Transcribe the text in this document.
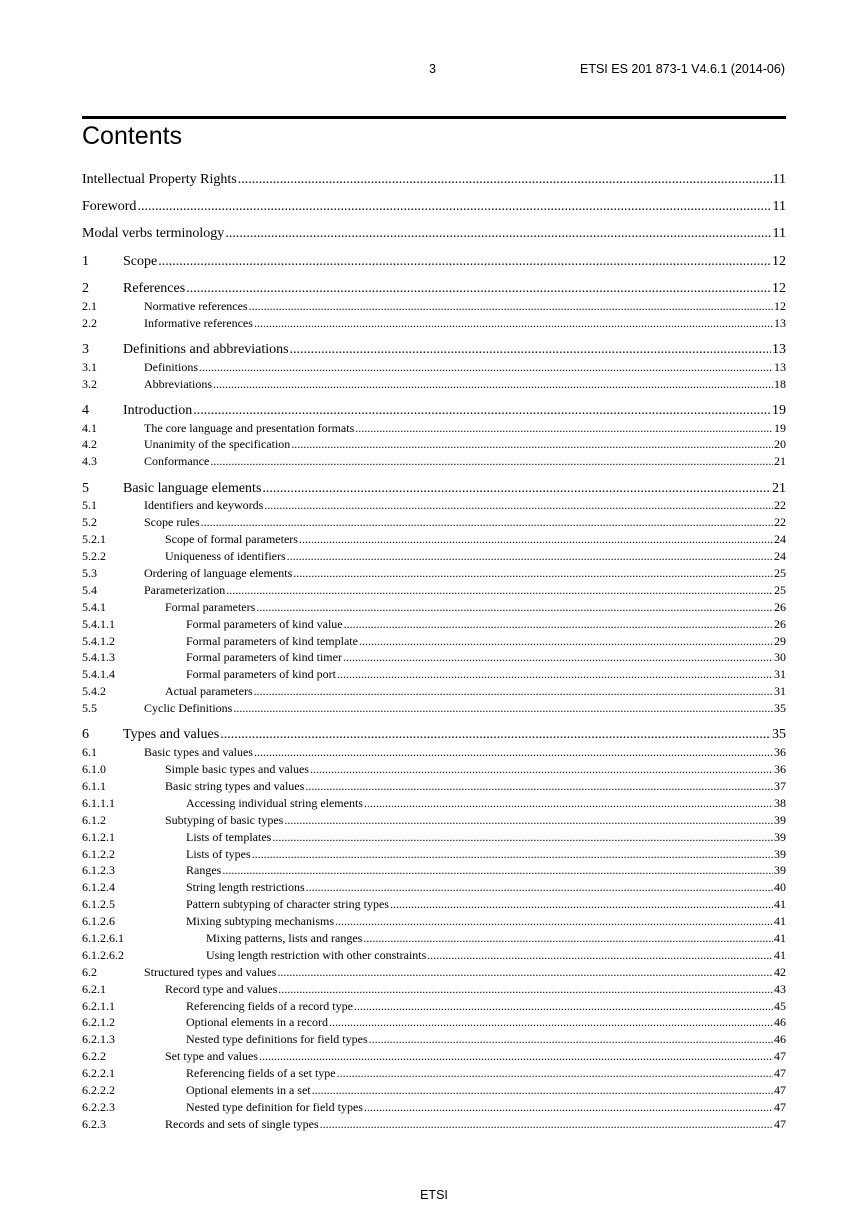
3	ETSI ES 201 873-1 V4.6.1 (2014-06)
Contents
Intellectual Property Rights .....	11
Foreword .....	11
Modal verbs terminology .....	11
1	Scope .....	12
2	References .....	12
2.1	Normative references .....	12
2.2	Informative references .....	13
3	Definitions and abbreviations .....	13
3.1	Definitions .....	13
3.2	Abbreviations .....	18
4	Introduction .....	19
4.1	The core language and presentation formats .....	19
4.2	Unanimity of the specification .....	20
4.3	Conformance .....	21
5	Basic language elements .....	21
5.1	Identifiers and keywords .....	22
5.2	Scope rules .....	22
5.2.1	Scope of formal parameters .....	24
5.2.2	Uniqueness of identifiers .....	24
5.3	Ordering of language elements .....	25
5.4	Parameterization .....	25
5.4.1	Formal parameters .....	26
5.4.1.1	Formal parameters of kind value .....	26
5.4.1.2	Formal parameters of kind template .....	29
5.4.1.3	Formal parameters of kind timer .....	30
5.4.1.4	Formal parameters of kind port .....	31
5.4.2	Actual parameters .....	31
5.5	Cyclic Definitions .....	35
6	Types and values .....	35
6.1	Basic types and values .....	36
6.1.0	Simple basic types and values .....	36
6.1.1	Basic string types and values .....	37
6.1.1.1	Accessing individual string elements .....	38
6.1.2	Subtyping of basic types .....	39
6.1.2.1	Lists of templates .....	39
6.1.2.2	Lists of types .....	39
6.1.2.3	Ranges .....	39
6.1.2.4	String length restrictions .....	40
6.1.2.5	Pattern subtyping of character string types .....	41
6.1.2.6	Mixing subtyping mechanisms .....	41
6.1.2.6.1	Mixing patterns, lists and ranges .....	41
6.1.2.6.2	Using length restriction with other constraints .....	41
6.2	Structured types and values .....	42
6.2.1	Record type and values .....	43
6.2.1.1	Referencing fields of a record type .....	45
6.2.1.2	Optional elements in a record .....	46
6.2.1.3	Nested type definitions for field types .....	46
6.2.2	Set type and values .....	47
6.2.2.1	Referencing fields of a set type .....	47
6.2.2.2	Optional elements in a set .....	47
6.2.2.3	Nested type definition for field types .....	47
6.2.3	Records and sets of single types .....	47
ETSI
